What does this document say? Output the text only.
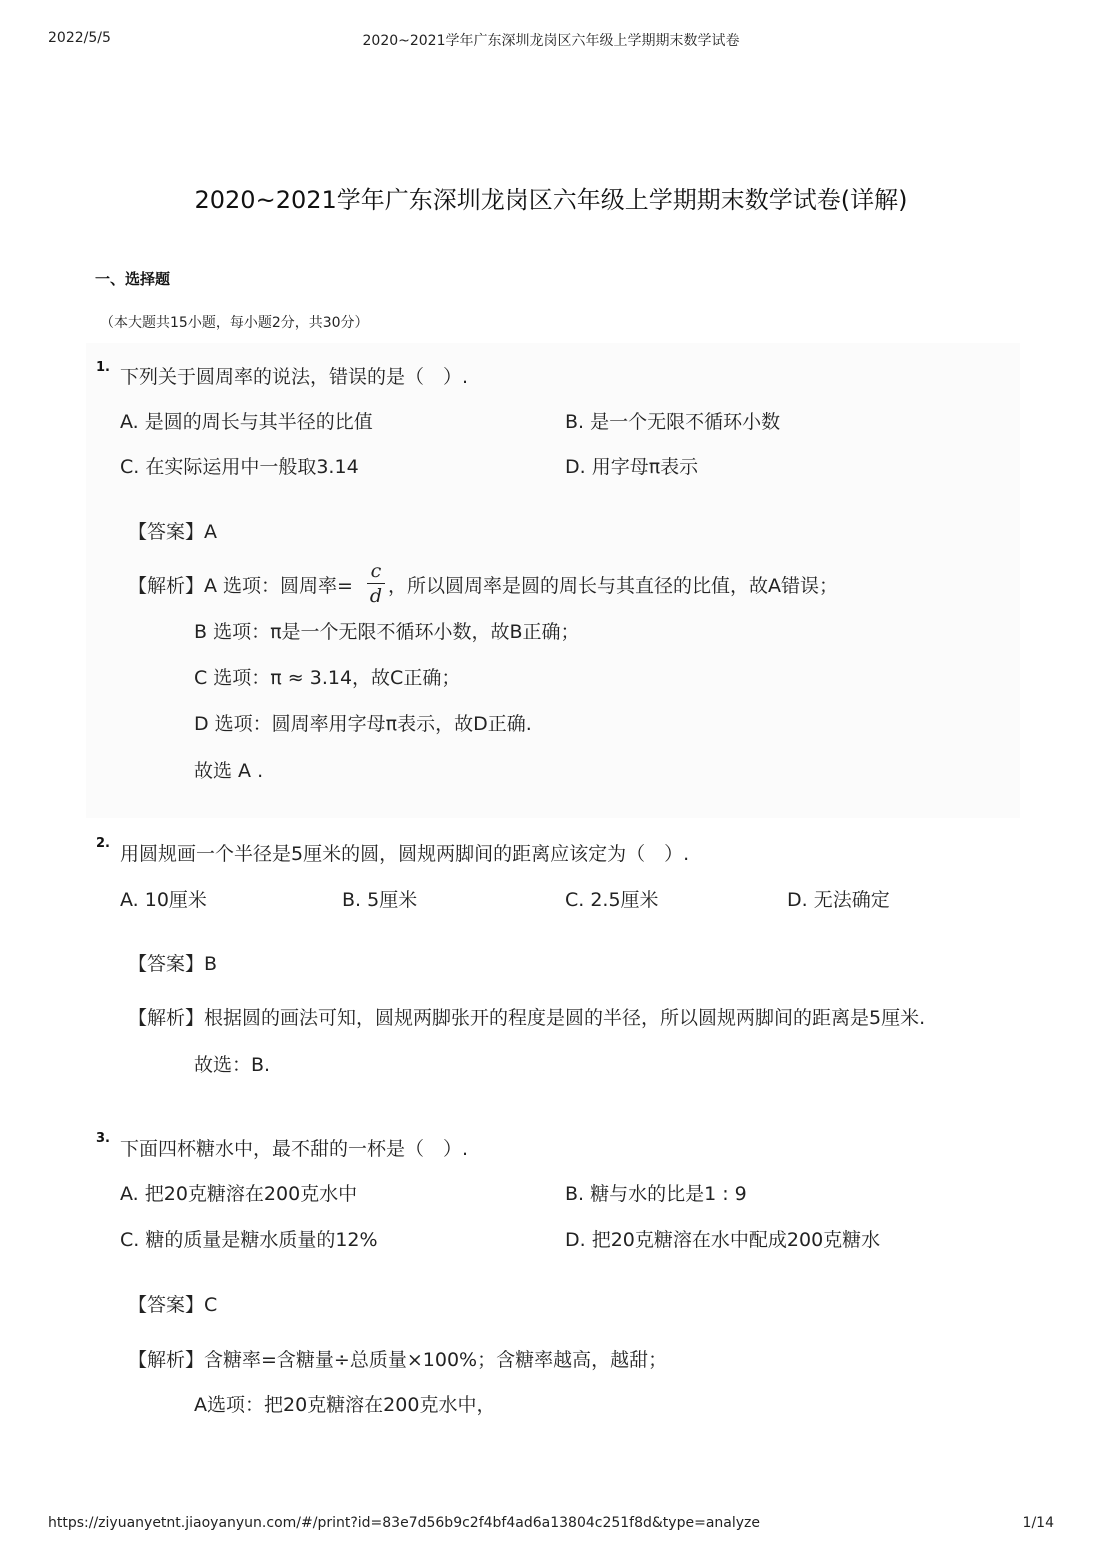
2022/5/5	2020~2021学年广东深圳龙岗区六年级上学期期末数学试卷
2020~2021学年广东深圳龙岗区六年级上学期期末数学试卷(详解)
一、选择题
（本大题共15小题，每小题2分，共30分）
1. 下列关于圆周率的说法，错误的是（　）.
A. 是圆的周长与其半径的比值	B. 是一个无限不循环小数
C. 在实际运用中一般取3.14	D. 用字母π表示
【答案】A
【解析】A 选项：圆周率=
c
d ，所以圆周率是圆的周长与其直径的比值，故A错误；
B 选项：π是一个无限不循环小数，故B正确；
C 选项：π ≈ 3.14，故C正确；
D 选项：圆周率用字母π表示，故D正确.
故选 A .
2. 用圆规画一个半径是5厘米的圆，圆规两脚间的距离应该定为（　）.
A. 10厘米	B. 5厘米	C. 2.5厘米	D. 无法确定
【答案】B
【解析】根据圆的画法可知，圆规两脚张开的程度是圆的半径，所以圆规两脚间的距离是5厘米.
故选：B.
3. 下面四杯糖水中，最不甜的一杯是（　）.
A. 把20克糖溶在200克水中	B. 糖与水的比是1 : 9
C. 糖的质量是糖水质量的12%	D. 把20克糖溶在水中配成200克糖水
【答案】C
【解析】含糖率=含糖量÷总质量×100%；含糖率越高，越甜；
A选项：把20克糖溶在200克水中，
https://ziyuanyetnt.jiaoyanyun.com/#/print?id=83e7d56b9c2f4bf4ad6a13804c251f8d&type=analyze	1/14
